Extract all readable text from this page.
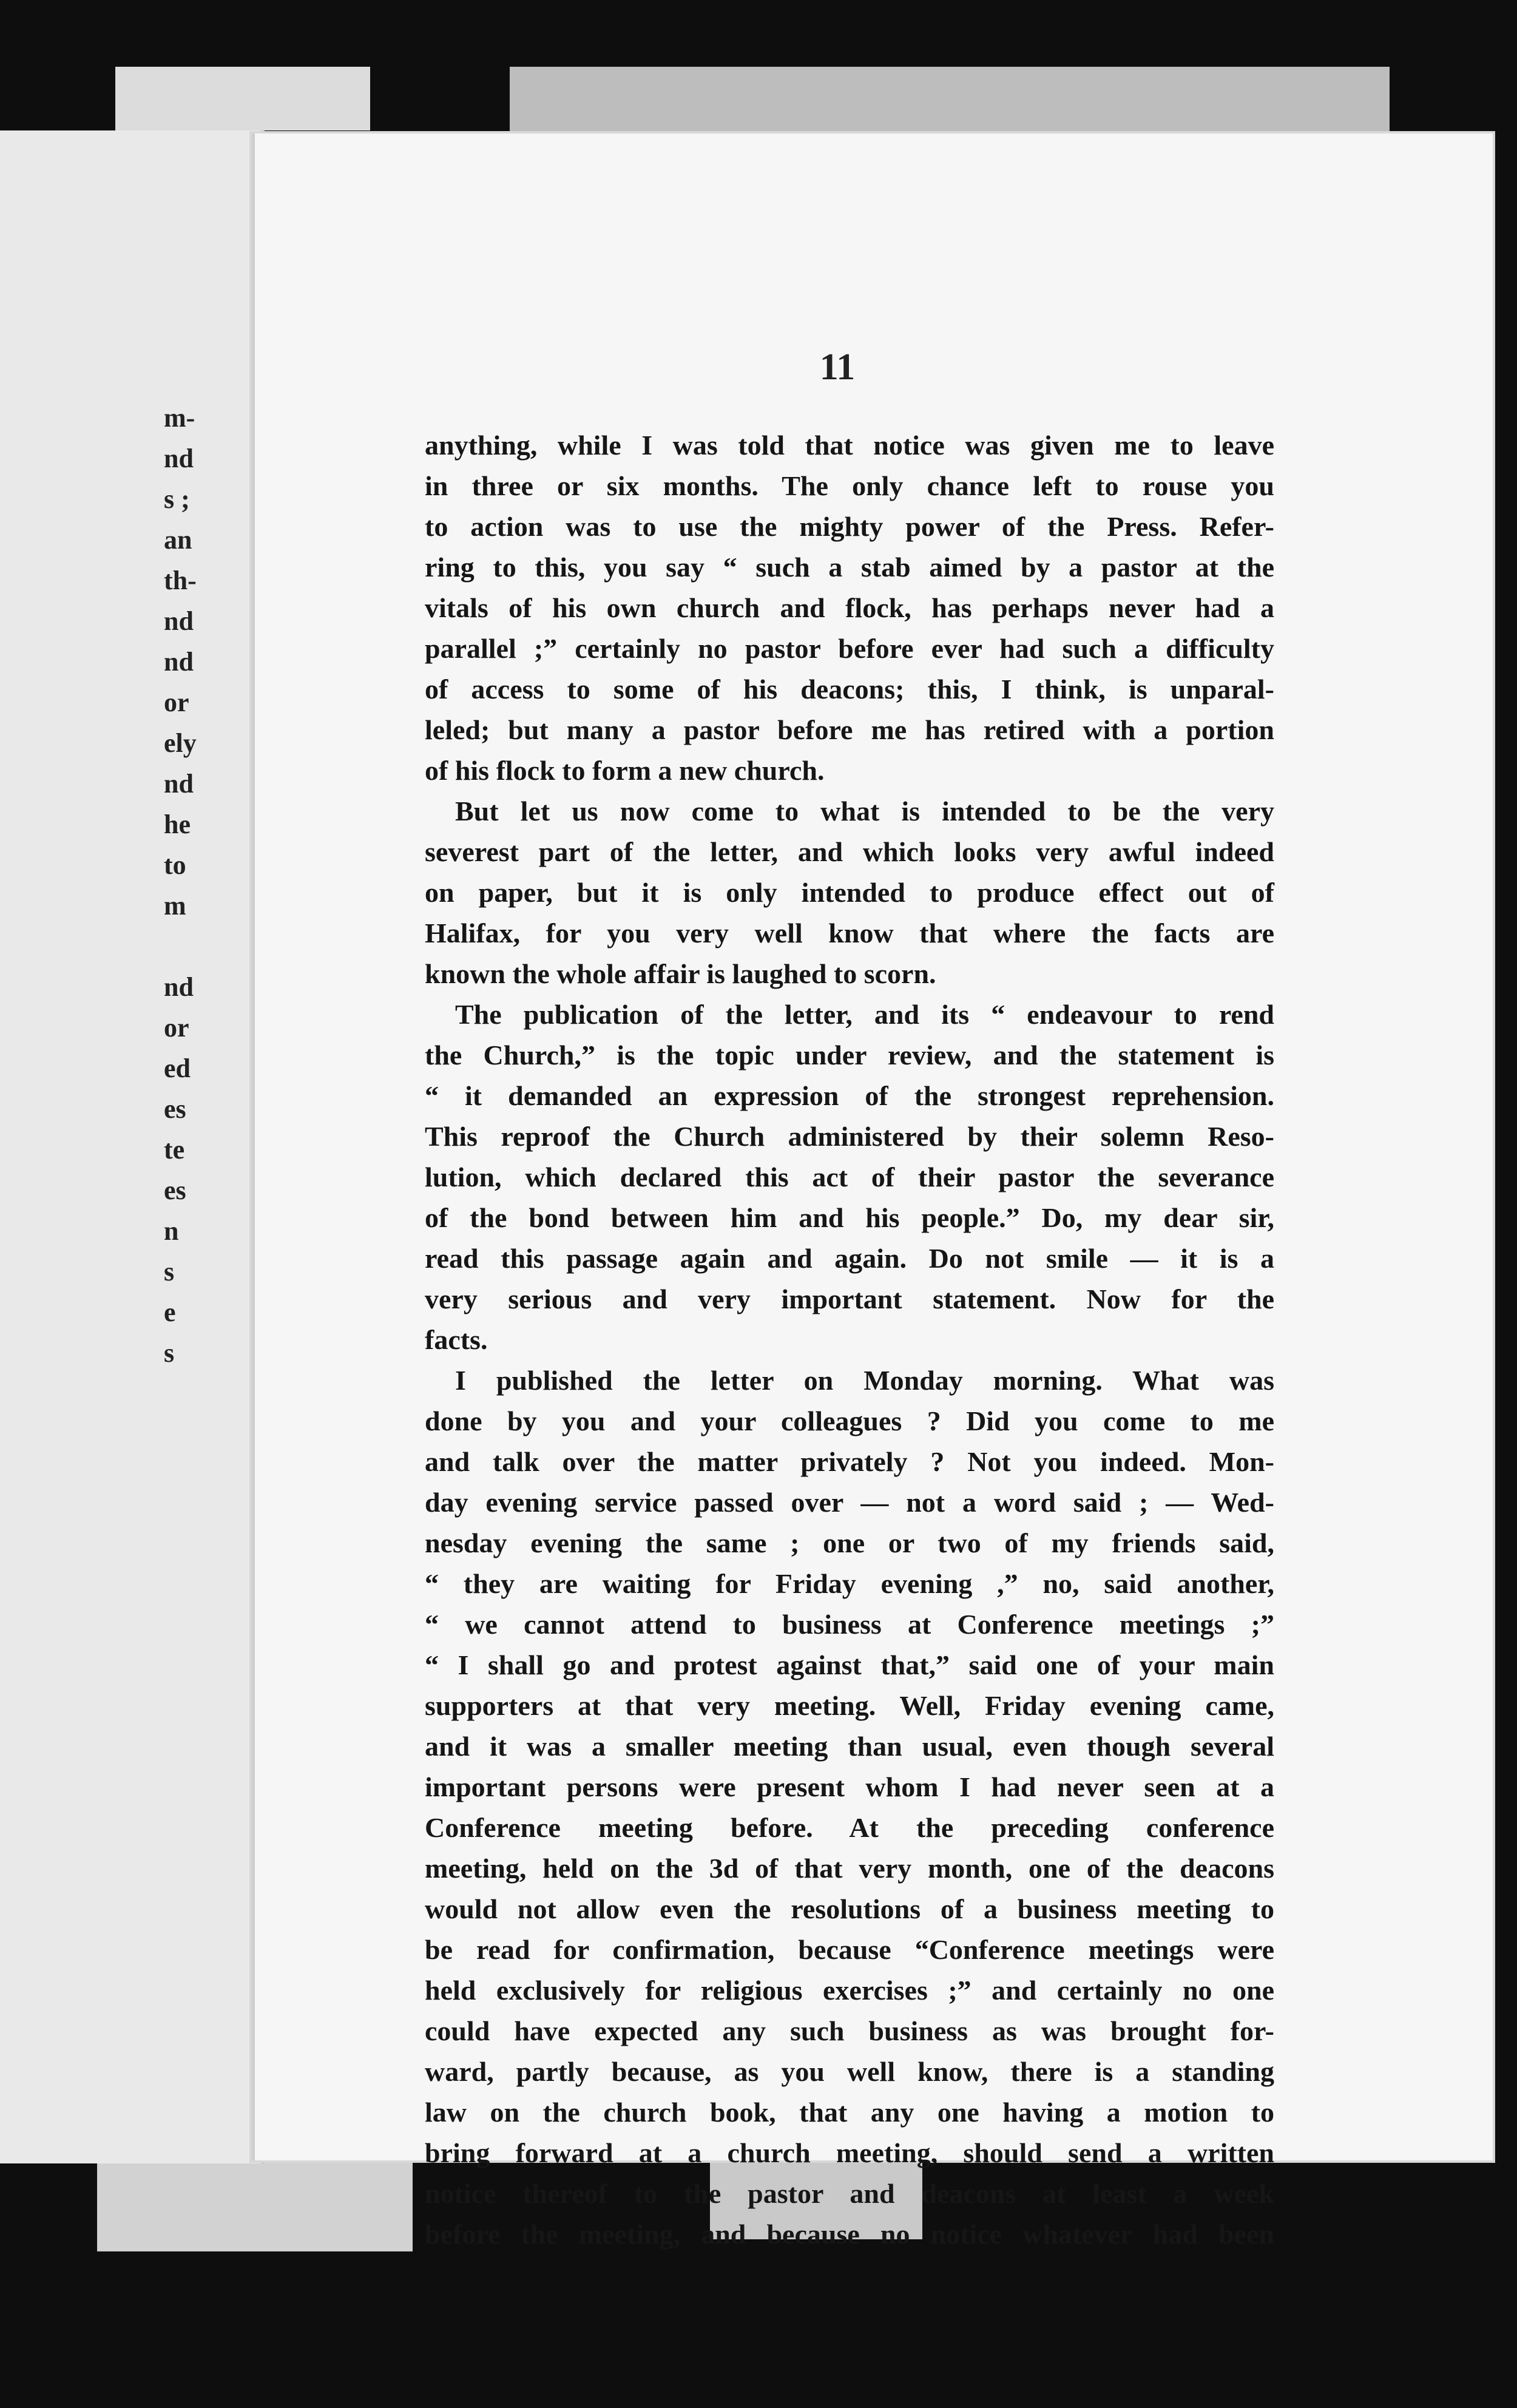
m-
nd
s ;
an
th-
nd
nd
or
ely
nd
he
to
m
nd
or
ed
es
te
es
n
s
e
s
11
anything, while I was told that notice was given me to leave
in three or six months. The only chance left to rouse you
to action was to use the mighty power of the Press. Refer-
ring to this, you say “ such a stab aimed by a pastor at the
vitals of his own church and flock, has perhaps never had a
parallel ;” certainly no pastor before ever had such a difficulty
of access to some of his deacons; this, I think, is unparal-
leled; but many a pastor before me has retired with a portion
of his flock to form a new church.
But let us now come to what is intended to be the very
severest part of the letter, and which looks very awful indeed
on paper, but it is only intended to produce effect out of
Halifax, for you very well know that where the facts are
known the whole affair is laughed to scorn.
The publication of the letter, and its “ endeavour to rend
the Church,” is the topic under review, and the statement is
“ it demanded an expression of the strongest reprehension.
This reproof the Church administered by their solemn Reso-
lution, which declared this act of their pastor the severance
of the bond between him and his people.” Do, my dear sir,
read this passage again and again. Do not smile — it is a
very serious and very important statement. Now for the
facts.
I published the letter on Monday morning. What was
done by you and your colleagues ? Did you come to me
and talk over the matter privately ? Not you indeed. Mon-
day evening service passed over — not a word said ; — Wed-
nesday evening the same ; one or two of my friends said,
“ they are waiting for Friday evening ,” no, said another,
“ we cannot attend to business at Conference meetings ;”
“ I shall go and protest against that,” said one of your main
supporters at that very meeting. Well, Friday evening came,
and it was a smaller meeting than usual, even though several
important persons were present whom I had never seen at a
Conference meeting before. At the preceding conference
meeting, held on the 3d of that very month, one of the deacons
would not allow even the resolutions of a business meeting to
be read for confirmation, because “Conference meetings were
held exclusively for religious exercises ;” and certainly no one
could have expected any such business as was brought for-
ward, partly because, as you well know, there is a standing
law on the church book, that any one having a motion to
bring forward at a church meeting, should send a written
notice thereof to the pastor and deacons at least a week
before the meeting, and because no notice whatever had been
